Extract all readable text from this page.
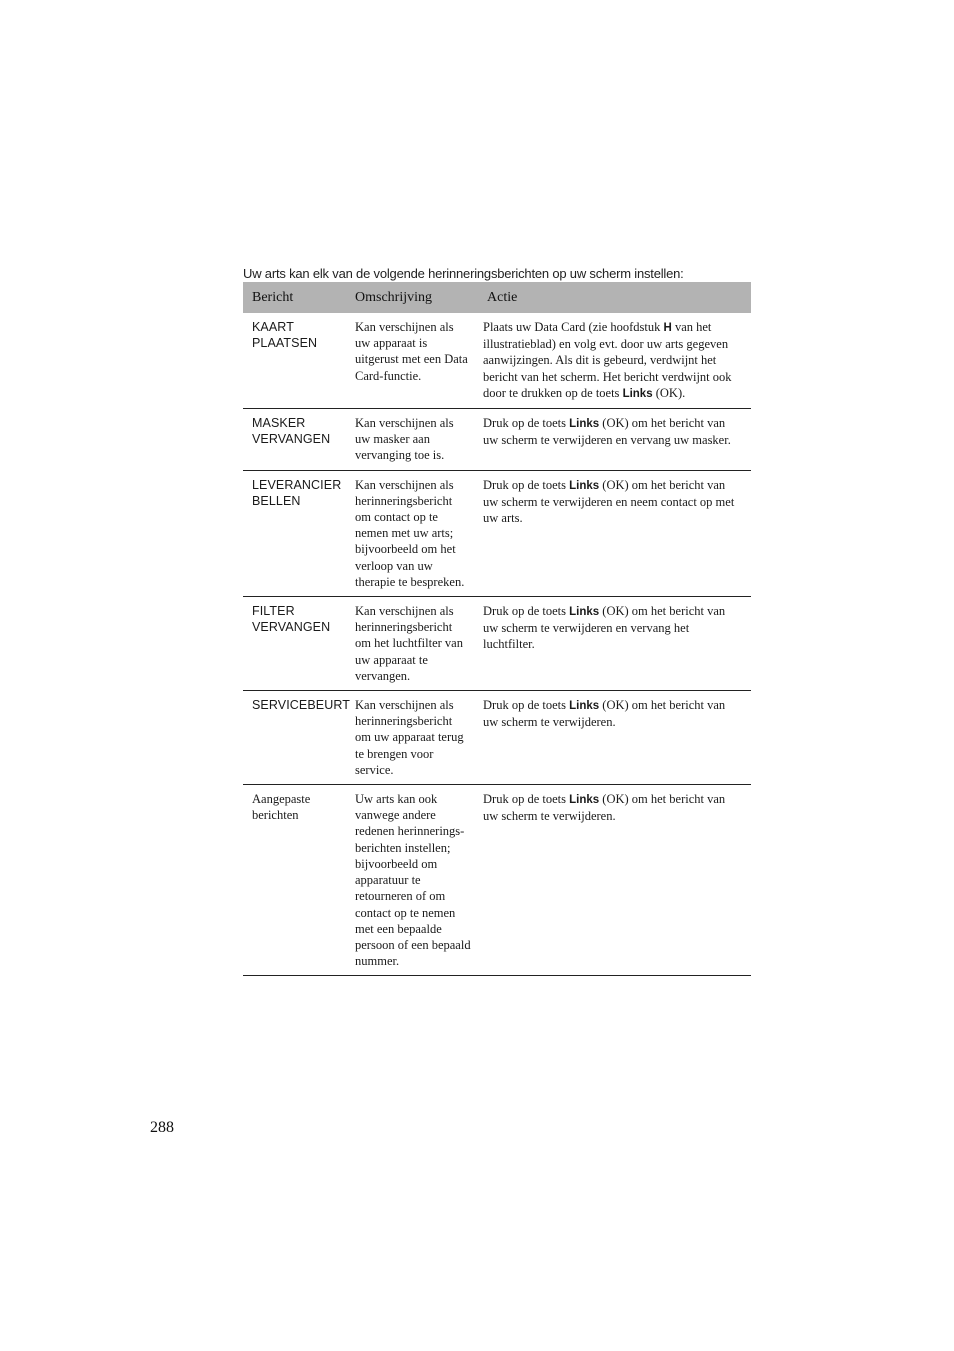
Uw arts kan elk van de volgende herinneringsberichten op uw scherm instellen:

Bericht	Omschrijving	Actie
KAART PLAATSEN	Kan verschijnen als uw apparaat is uitgerust met een Data Card-functie.	Plaats uw Data Card (zie hoofdstuk H van het illustratieblad) en volg evt. door uw arts gegeven aanwijzingen. Als dit is gebeurd, verdwijnt het bericht van het scherm. Het bericht verdwijnt ook door te drukken op de toets Links (OK).
MASKER VERVANGEN	Kan verschijnen als uw masker aan vervanging toe is.	Druk op de toets Links (OK) om het bericht van uw scherm te verwijderen en vervang uw masker.
LEVERANCIER BELLEN	Kan verschijnen als herinneringsbericht om contact op te nemen met uw arts; bijvoorbeeld om het verloop van uw therapie te bespreken.	Druk op de toets Links (OK) om het bericht van uw scherm te verwijderen en neem contact op met uw arts.
FILTER VERVANGEN	Kan verschijnen als herinneringsbericht om het luchtfilter van uw apparaat te vervangen.	Druk op de toets Links (OK) om het bericht van uw scherm te verwijderen en vervang het luchtfilter.
SERVICEBEURT	Kan verschijnen als herinneringsbericht om uw apparaat terug te brengen voor service.	Druk op de toets Links (OK) om het bericht van uw scherm te verwijderen.
Aangepaste berichten	Uw arts kan ook vanwege andere redenen herinnerings-berichten instellen; bijvoorbeeld om apparatuur te retourneren of om contact op te nemen met een bepaalde persoon of een bepaald nummer.	Druk op de toets Links (OK) om het bericht van uw scherm te verwijderen.
288
